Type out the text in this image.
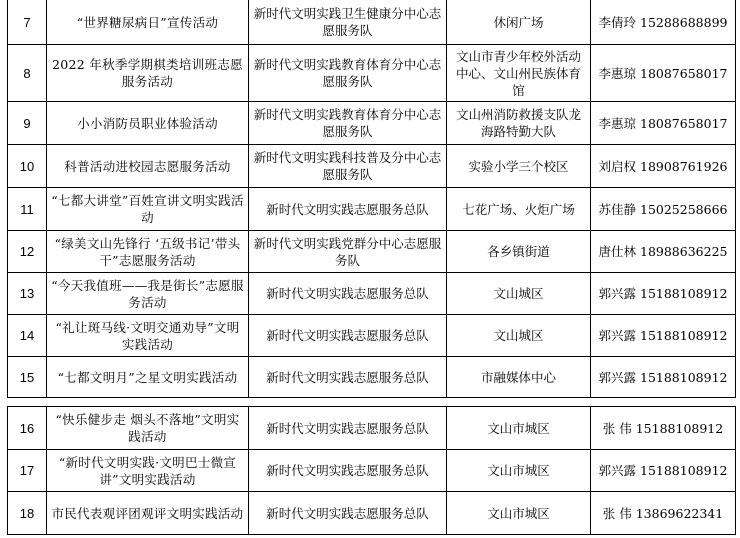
7	“世界糖尿病日”宣传活动	新时代文明实践卫生健康分中心志愿服务队	休闲广场	李倩玲 15288688899
8	2022 年秋季学期棋类培训班志愿服务活动	新时代文明实践教育体育分中心志愿服务队	文山市青少年校外活动中心、文山州民族体育馆	李惠琼 18087658017
9	小小消防员职业体验活动	新时代文明实践教育体育分中心志愿服务队	文山州消防救援支队龙海路特勤大队	李惠琼 18087658017
10	科普活动进校园志愿服务活动	新时代文明实践科技普及分中心志愿服务队	实验小学三个校区	刘启权 18908761926
11	“七都大讲堂”百姓宣讲文明实践活动	新时代文明实践志愿服务总队	七花广场、火炬广场	苏佳静 15025258666
12	“绿美文山先锋行 ‘五级书记’带头干”志愿服务活动	新时代文明实践党群分中心志愿服务队	各乡镇街道	唐仕林 18988636225
13	“今天我值班——我是街长”志愿服务活动	新时代文明实践志愿服务总队	文山城区	郭兴露 15188108912
14	“礼让斑马线·文明交通劝导”文明实践活动	新时代文明实践志愿服务总队	文山城区	郭兴露 15188108912
15	“七都文明月”之星文明实践活动	新时代文明实践志愿服务总队	市融媒体中心	郭兴露 15188108912
16	“快乐健步走 烟头不落地”文明实践活动	新时代文明实践志愿服务总队	文山市城区	张 伟 15188108912
17	“新时代文明实践·文明巴士微宣讲”文明实践活动	新时代文明实践志愿服务总队	文山市城区	郭兴露 15188108912
18	市民代表观评团观评文明实践活动	新时代文明实践志愿服务总队	文山市城区	张 伟 13869622341
